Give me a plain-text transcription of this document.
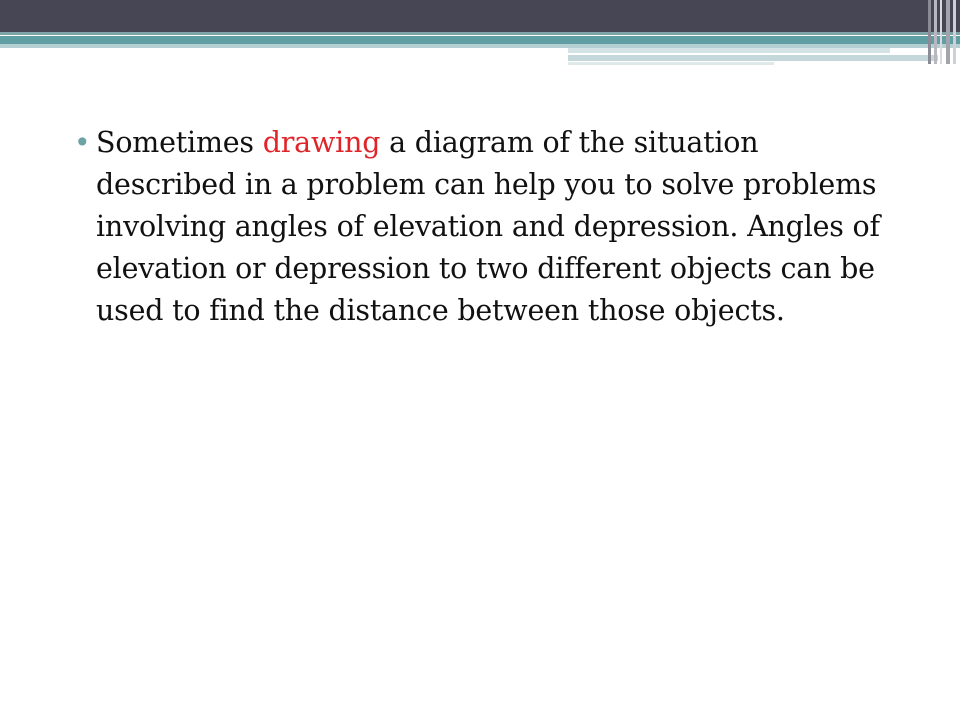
• Sometimes drawing a diagram of the situation described in a problem can help you to solve problems involving angles of elevation and depression. Angles of elevation or depression to two different objects can be used to find the distance between those objects.
